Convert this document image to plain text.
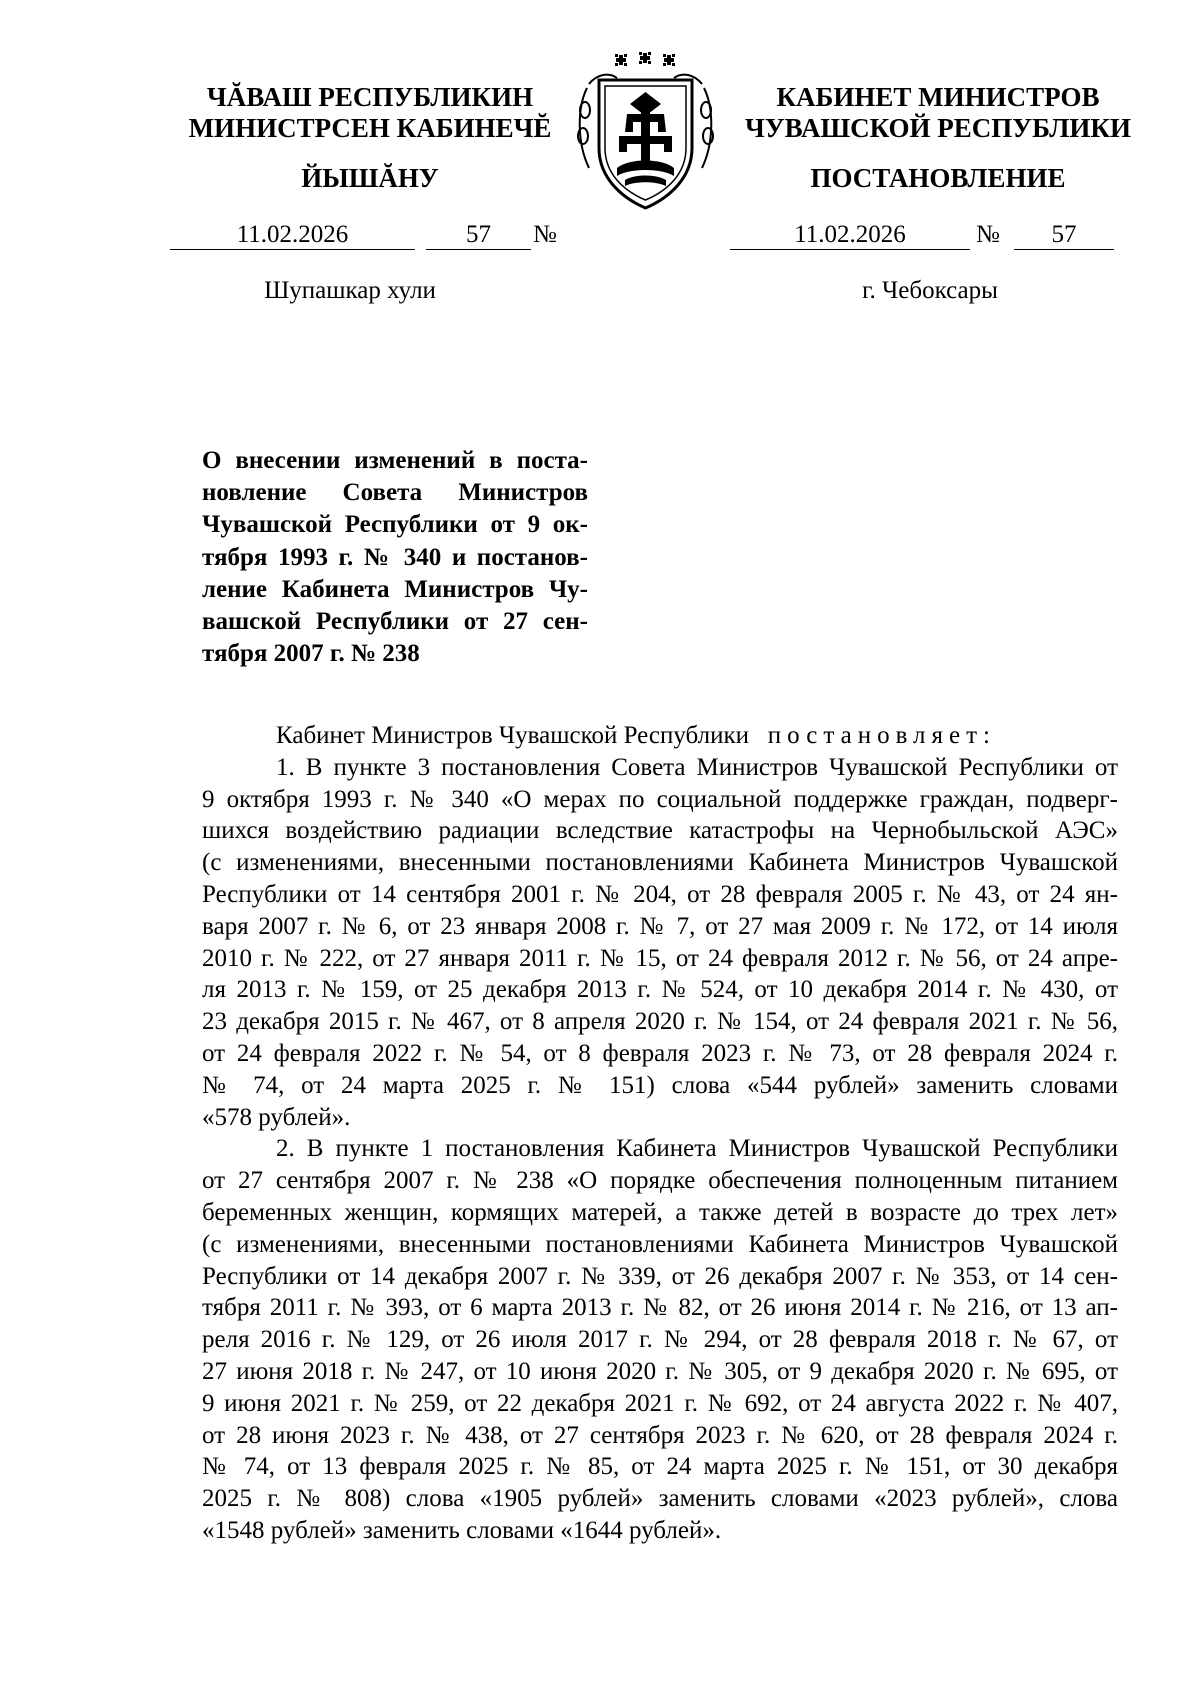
ЧĂВАШ РЕСПУБЛИКИН
МИНИСТРСЕН КАБИНЕЧĔ
ЙЫШĂНУ
КАБИНЕТ МИНИСТРОВ
ЧУВАШСКОЙ РЕСПУБЛИКИ
ПОСТАНОВЛЕНИЕ
11.02.2026	57	№	11.02.2026	№	57
Шупашкар хули	г. Чебоксары
О внесении изменений в поста-
новление Совета Министров
Чувашской Республики от 9 ок-
тября 1993 г. № 340 и постанов-
ление Кабинета Министров Чу-
вашской Республики от 27 сен-
тября 2007 г. № 238
Кабинет Министров Чувашской Республики постановляет:
1. В пункте 3 постановления Совета Министров Чувашской Республики от
9 октября 1993 г. № 340 «О мерах по социальной поддержке граждан, подверг-
шихся воздействию радиации вследствие катастрофы на Чернобыльской АЭС»
(с изменениями, внесенными постановлениями Кабинета Министров Чувашской
Республики от 14 сентября 2001 г. № 204, от 28 февраля 2005 г. № 43, от 24 ян-
варя 2007 г. № 6, от 23 января 2008 г. № 7, от 27 мая 2009 г. № 172, от 14 июля
2010 г. № 222, от 27 января 2011 г. № 15, от 24 февраля 2012 г. № 56, от 24 апре-
ля 2013 г. № 159, от 25 декабря 2013 г. № 524, от 10 декабря 2014 г. № 430, от
23 декабря 2015 г. № 467, от 8 апреля 2020 г. № 154, от 24 февраля 2021 г. № 56,
от 24 февраля 2022 г. № 54, от 8 февраля 2023 г. № 73, от 28 февраля 2024 г.
№ 74, от 24 марта 2025 г. № 151) слова «544 рублей» заменить словами
«578 рублей».
2. В пункте 1 постановления Кабинета Министров Чувашской Республики
от 27 сентября 2007 г. № 238 «О порядке обеспечения полноценным питанием
беременных женщин, кормящих матерей, а также детей в возрасте до трех лет»
(с изменениями, внесенными постановлениями Кабинета Министров Чувашской
Республики от 14 декабря 2007 г. № 339, от 26 декабря 2007 г. № 353, от 14 сен-
тября 2011 г. № 393, от 6 марта 2013 г. № 82, от 26 июня 2014 г. № 216, от 13 ап-
реля 2016 г. № 129, от 26 июля 2017 г. № 294, от 28 февраля 2018 г. № 67, от
27 июня 2018 г. № 247, от 10 июня 2020 г. № 305, от 9 декабря 2020 г. № 695, от
9 июня 2021 г. № 259, от 22 декабря 2021 г. № 692, от 24 августа 2022 г. № 407,
от 28 июня 2023 г. № 438, от 27 сентября 2023 г. № 620, от 28 февраля 2024 г.
№ 74, от 13 февраля 2025 г. № 85, от 24 марта 2025 г. № 151, от 30 декабря
2025 г. № 808) слова «1905 рублей» заменить словами «2023 рублей», слова
«1548 рублей» заменить словами «1644 рублей».
